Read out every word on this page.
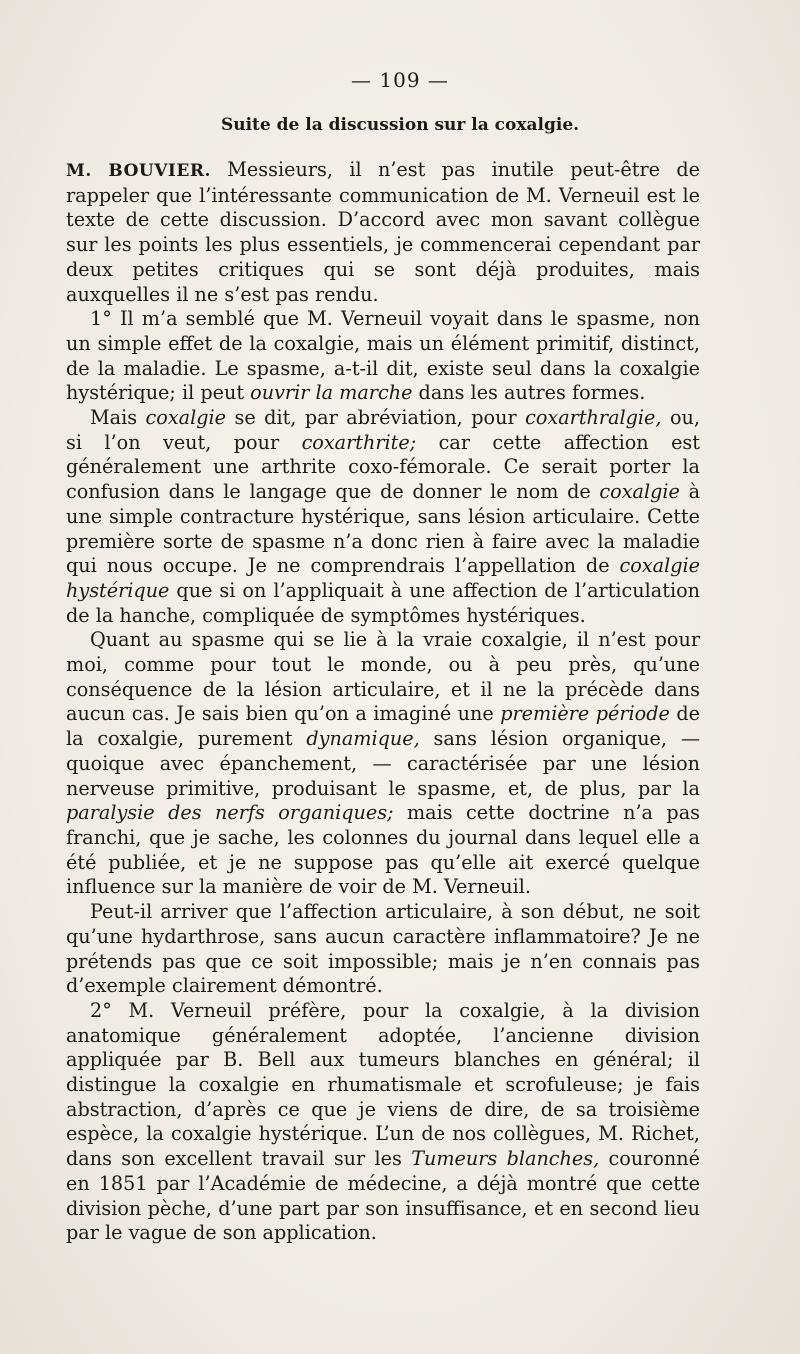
— 109 —
Suite de la discussion sur la coxalgie.

M. BOUVIER. Messieurs, il n’est pas inutile peut-être de rappeler que l’intéressante communication de M. Verneuil est le texte de cette discussion. D’accord avec mon savant collègue sur les points les plus essentiels, je commencerai cependant par deux petites critiques qui se sont déjà produites, mais auxquelles il ne s’est pas rendu.

1° Il m’a semblé que M. Verneuil voyait dans le spasme, non un simple effet de la coxalgie, mais un élément primitif, distinct, de la maladie. Le spasme, a-t-il dit, existe seul dans la coxalgie hystérique; il peut ouvrir la marche dans les autres formes.

Mais coxalgie se dit, par abréviation, pour coxarthralgie, ou, si l’on veut, pour coxarthrite; car cette affection est généralement une arthrite coxo-fémorale. Ce serait porter la confusion dans le langage que de donner le nom de coxalgie à une simple contracture hystérique, sans lésion articulaire. Cette première sorte de spasme n’a donc rien à faire avec la maladie qui nous occupe. Je ne comprendrais l’appellation de coxalgie hystérique que si on l’appliquait à une affection de l’articulation de la hanche, compliquée de symptômes hystériques.

Quant au spasme qui se lie à la vraie coxalgie, il n’est pour moi, comme pour tout le monde, ou à peu près, qu’une conséquence de la lésion articulaire, et il ne la précède dans aucun cas. Je sais bien qu’on a imaginé une première période de la coxalgie, purement dynamique, sans lésion organique, — quoique avec épanchement, — caractérisée par une lésion nerveuse primitive, produisant le spasme, et, de plus, par la paralysie des nerfs organiques; mais cette doctrine n’a pas franchi, que je sache, les colonnes du journal dans lequel elle a été publiée, et je ne suppose pas qu’elle ait exercé quelque influence sur la manière de voir de M. Verneuil.

Peut-il arriver que l’affection articulaire, à son début, ne soit qu’une hydarthrose, sans aucun caractère inflammatoire? Je ne prétends pas que ce soit impossible; mais je n’en connais pas d’exemple clairement démontré.

2° M. Verneuil préfère, pour la coxalgie, à la division anatomique généralement adoptée, l’ancienne division appliquée par B. Bell aux tumeurs blanches en général; il distingue la coxalgie en rhumatismale et scrofuleuse; je fais abstraction, d’après ce que je viens de dire, de sa troisième espèce, la coxalgie hystérique. L’un de nos collègues, M. Richet, dans son excellent travail sur les Tumeurs blanches, couronné en 1851 par l’Académie de médecine, a déjà montré que cette division pèche, d’une part par son insuffisance, et en second lieu par le vague de son application.
